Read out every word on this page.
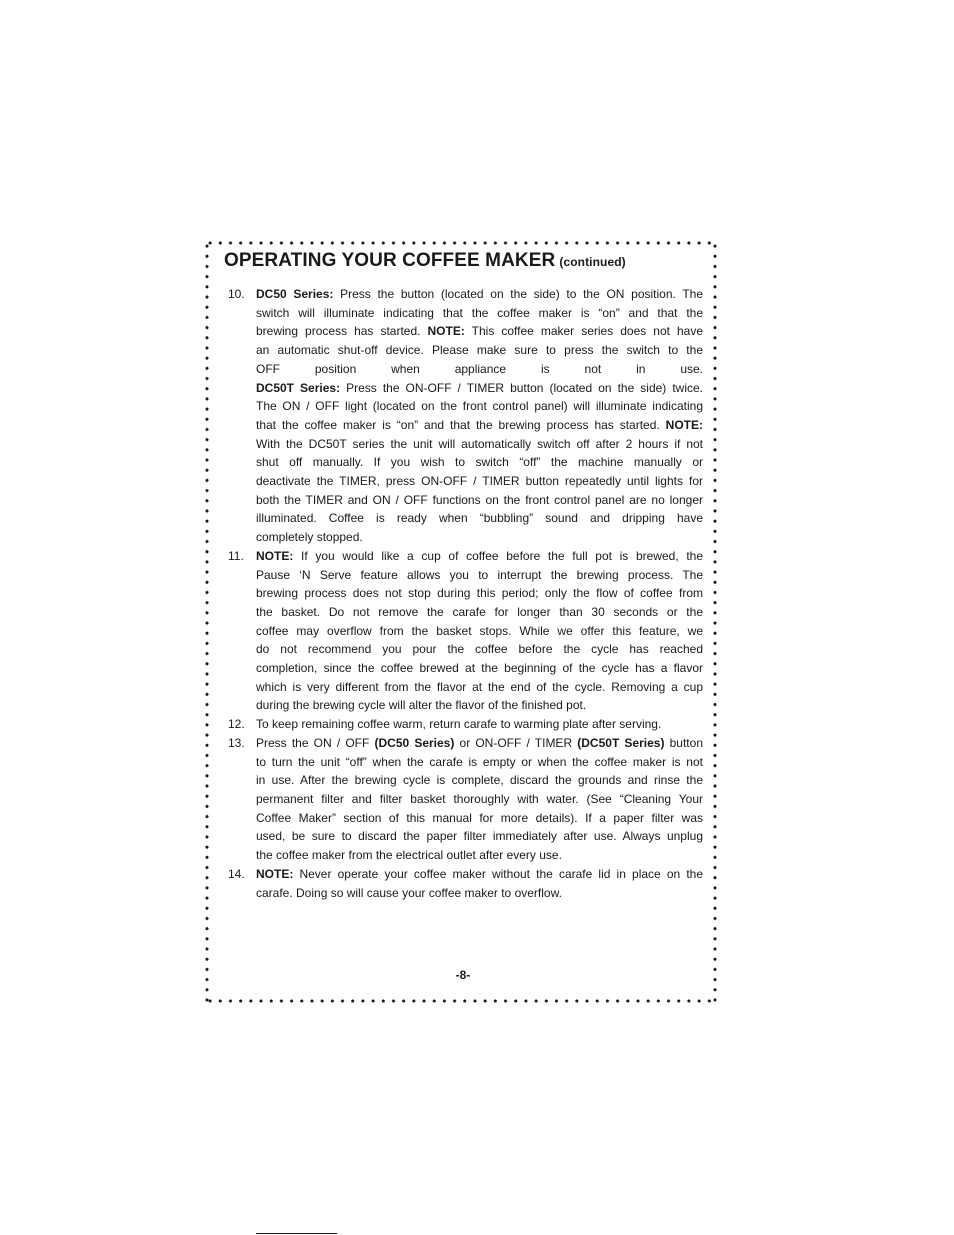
OPERATING YOUR COFFEE MAKER (continued)
10. DC50 Series: Press the button (located on the side) to the ON position. The
switch will illuminate indicating that the coffee maker is “on” and that the
brewing process has started. NOTE: This coffee maker series does not have
an automatic shut-off device. Please make sure to press the switch to the
OFF position when appliance is not in use.
DC50T Series: Press the ON-OFF / TIMER button (located on the side) twice.
The ON / OFF light (located on the front control panel) will illuminate indicating
that the coffee maker is “on” and that the brewing process has started. NOTE:
With the DC50T series the unit will automatically switch off after 2 hours if not
shut off manually. If you wish to switch “off” the machine manually or
deactivate the TIMER, press ON-OFF / TIMER button repeatedly until lights for
both the TIMER and ON / OFF functions on the front control panel are no longer
illuminated. Coffee is ready when “bubbling” sound and dripping have
completely stopped.
11. NOTE: If you would like a cup of coffee before the full pot is brewed, the
Pause ‘N Serve feature allows you to interrupt the brewing process. The
brewing process does not stop during this period; only the flow of coffee from
the basket. Do not remove the carafe for longer than 30 seconds or the
coffee may overflow from the basket stops. While we offer this feature, we
do not recommend you pour the coffee before the cycle has reached
completion, since the coffee brewed at the beginning of the cycle has a flavor
which is very different from the flavor at the end of the cycle. Removing a cup
during the brewing cycle will alter the flavor of the finished pot.
12. To keep remaining coffee warm, return carafe to warming plate after serving.
13. Press the ON / OFF (DC50 Series) or ON-OFF / TIMER (DC50T Series) button
to turn the unit “off” when the carafe is empty or when the coffee maker is not
in use. After the brewing cycle is complete, discard the grounds and rinse the
permanent filter and filter basket thoroughly with water. (See “Cleaning Your
Coffee Maker” section of this manual for more details). If a paper filter was
used, be sure to discard the paper filter immediately after use. Always unplug
the coffee maker from the electrical outlet after every use.
14. NOTE: Never operate your coffee maker without the carafe lid in place on the
carafe. Doing so will cause your coffee maker to overflow.
-8-
